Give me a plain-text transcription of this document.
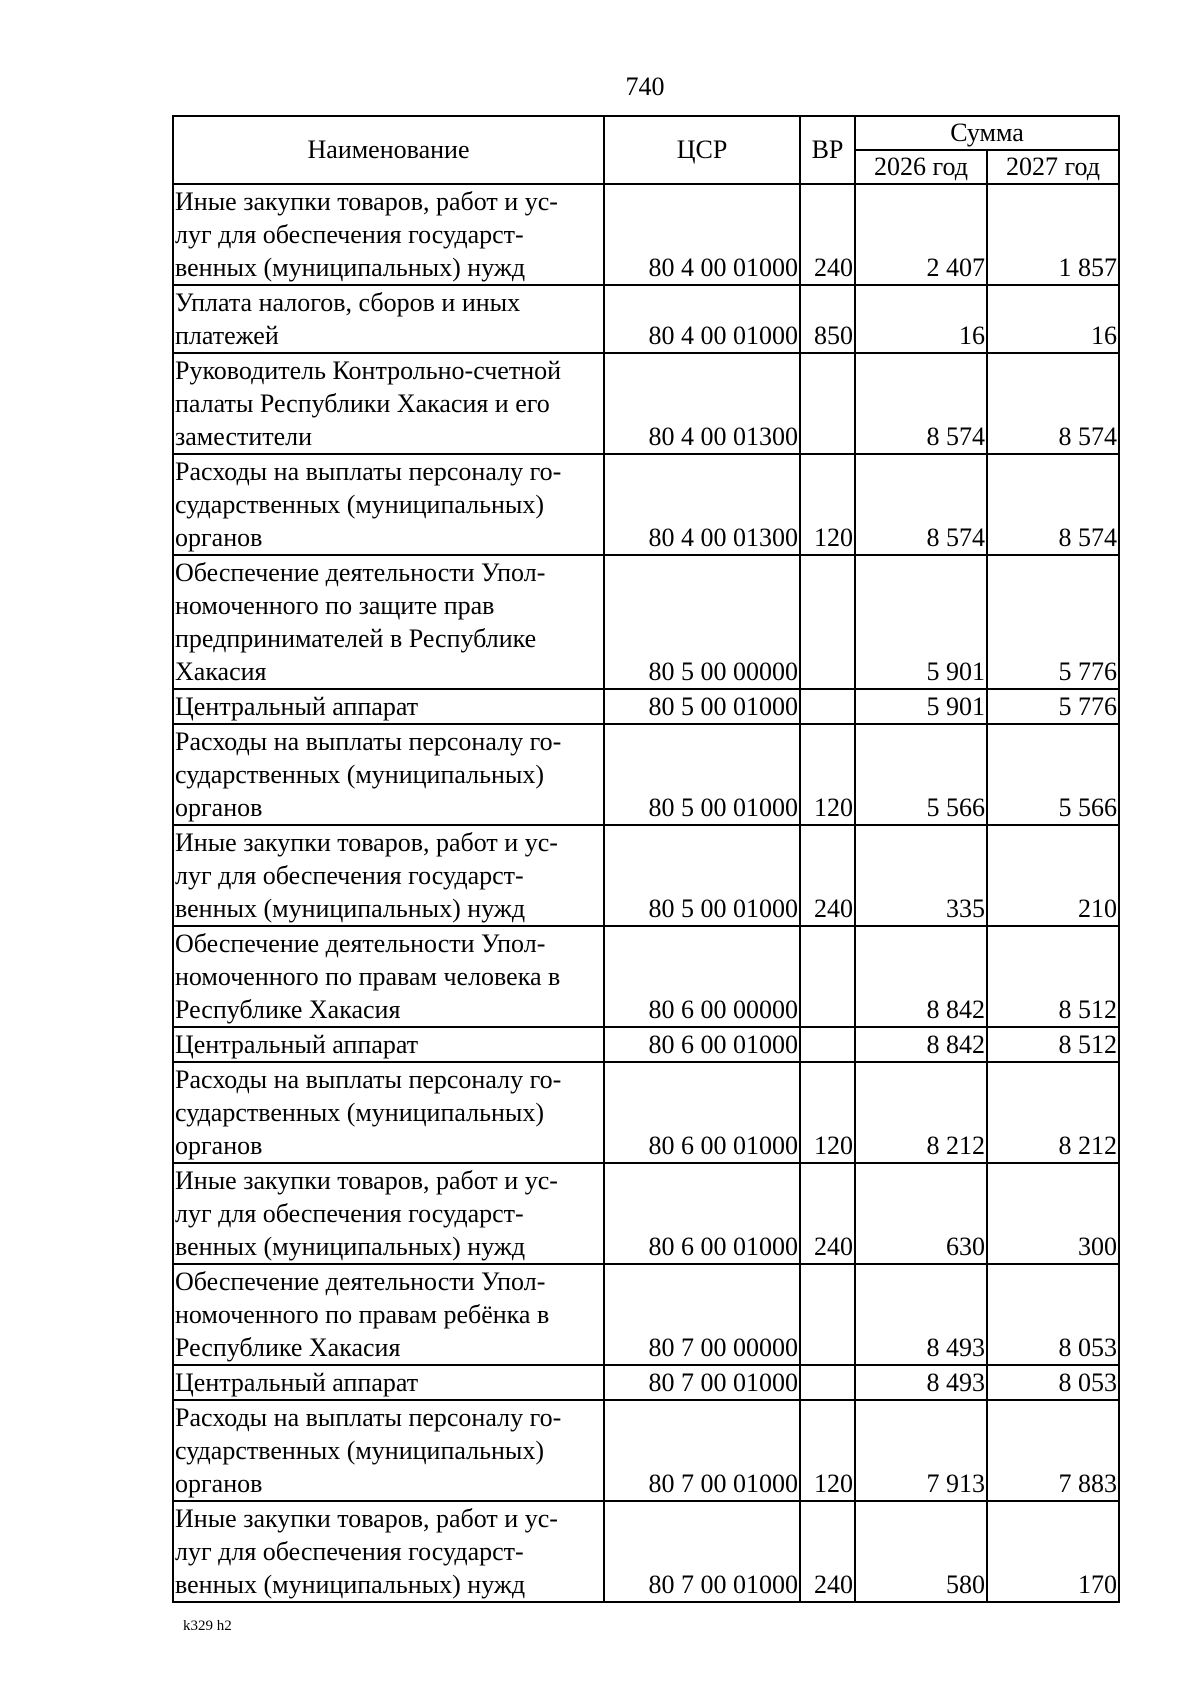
740
Наименование	ЦСР	ВР	Сумма	
			2026 год	2027 год

Иные закупки товаров, работ и ус-
луг для обеспечения государст-
венных (муниципальных) нужд	80 4 00 01000	240	2 407	1 857

Уплата налогов, сборов и иных
платежей	80 4 00 01000	850	16	16

Руководитель Контрольно-счетной
палаты Республики Хакасия и его
заместители	80 4 00 01300		8 574	8 574

Расходы на выплаты персоналу го-
сударственных (муниципальных)
органов	80 4 00 01300	120	8 574	8 574

Обеспечение деятельности Упол-
номоченного по защите прав
предпринимателей в Республике
Хакасия	80 5 00 00000		5 901	5 776

Центральный аппарат	80 5 00 01000		5 901	5 776

Расходы на выплаты персоналу го-
сударственных (муниципальных)
органов	80 5 00 01000	120	5 566	5 566

Иные закупки товаров, работ и ус-
луг для обеспечения государст-
венных (муниципальных) нужд	80 5 00 01000	240	335	210

Обеспечение деятельности Упол-
номоченного по правам человека в
Республике Хакасия	80 6 00 00000		8 842	8 512

Центральный аппарат	80 6 00 01000		8 842	8 512

Расходы на выплаты персоналу го-
сударственных (муниципальных)
органов	80 6 00 01000	120	8 212	8 212

Иные закупки товаров, работ и ус-
луг для обеспечения государст-
венных (муниципальных) нужд	80 6 00 01000	240	630	300

Обеспечение деятельности Упол-
номоченного по правам ребёнка в
Республике Хакасия	80 7 00 00000		8 493	8 053

Центральный аппарат	80 7 00 01000		8 493	8 053

Расходы на выплаты персоналу го-
сударственных (муниципальных)
органов	80 7 00 01000	120	7 913	7 883

Иные закупки товаров, работ и ус-
луг для обеспечения государст-
венных (муниципальных) нужд	80 7 00 01000	240	580	170
k329 h2
